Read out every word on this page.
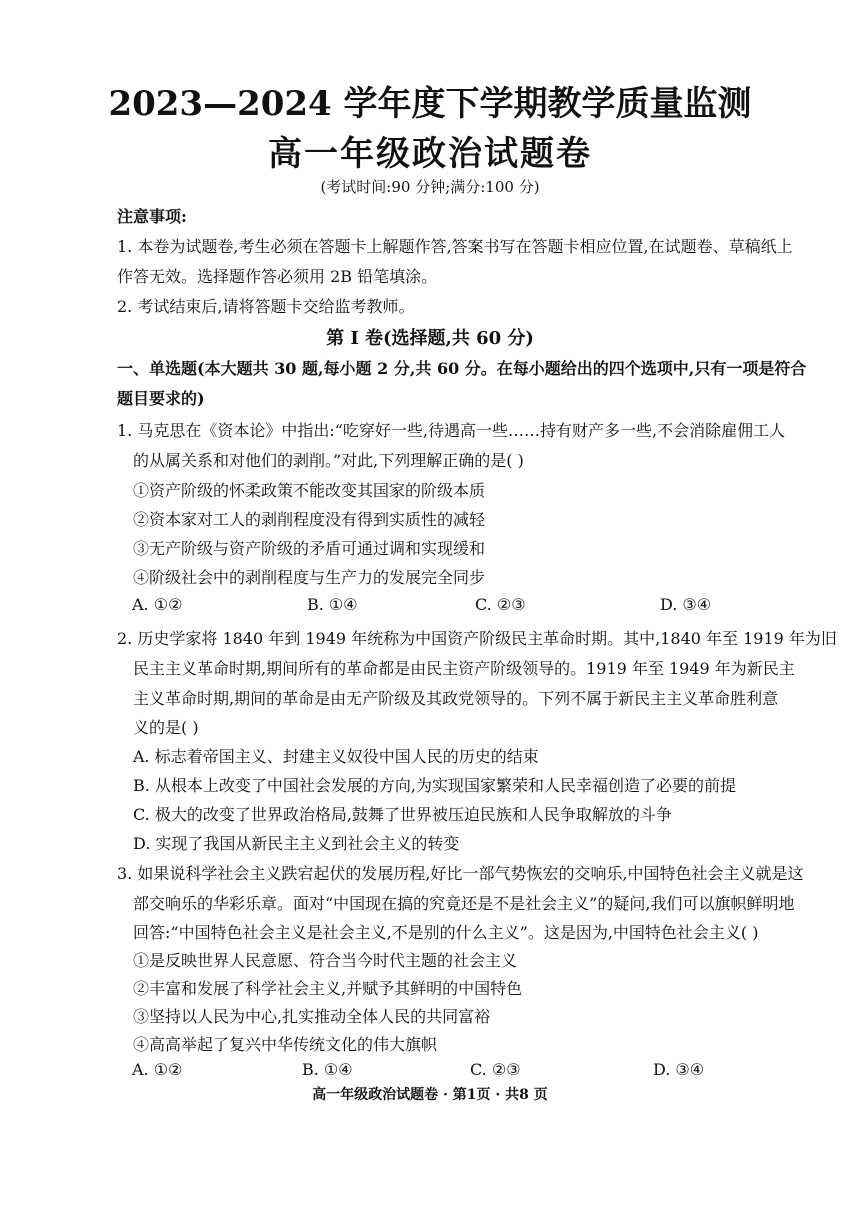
2023—2024 学年度下学期教学质量监测
高一年级政治试题卷
(考试时间:90 分钟;满分:100 分)
注意事项:
1. 本卷为试题卷,考生必须在答题卡上解题作答,答案书写在答题卡相应位置,在试题卷、草稿纸上
作答无效。选择题作答必须用 2B 铅笔填涂。
2. 考试结束后,请将答题卡交给监考教师。
第 I 卷(选择题,共 60 分)
一、单选题(本大题共 30 题,每小题 2 分,共 60 分。在每小题给出的四个选项中,只有一项是符合
题目要求的)
1. 马克思在《资本论》中指出:“吃穿好一些,待遇高一些……持有财产多一些,不会消除雇佣工人
的从属关系和对他们的剥削。”对此,下列理解正确的是( )
①资产阶级的怀柔政策不能改变其国家的阶级本质
②资本家对工人的剥削程度没有得到实质性的减轻
③无产阶级与资产阶级的矛盾可通过调和实现缓和
④阶级社会中的剥削程度与生产力的发展完全同步
A. ①②	B. ①④	C. ②③	D. ③④
2. 历史学家将 1840 年到 1949 年统称为中国资产阶级民主革命时期。其中,1840 年至 1919 年为旧
民主主义革命时期,期间所有的革命都是由民主资产阶级领导的。1919 年至 1949 年为新民主
主义革命时期,期间的革命是由无产阶级及其政党领导的。下列不属于新民主主义革命胜利意
义的是( )
A. 标志着帝国主义、封建主义奴役中国人民的历史的结束
B. 从根本上改变了中国社会发展的方向,为实现国家繁荣和人民幸福创造了必要的前提
C. 极大的改变了世界政治格局,鼓舞了世界被压迫民族和人民争取解放的斗争
D. 实现了我国从新民主主义到社会主义的转变
3. 如果说科学社会主义跌宕起伏的发展历程,好比一部气势恢宏的交响乐,中国特色社会主义就是这
部交响乐的华彩乐章。面对“中国现在搞的究竟还是不是社会主义”的疑问,我们可以旗帜鲜明地
回答:“中国特色社会主义是社会主义,不是别的什么主义”。这是因为,中国特色社会主义( )
①是反映世界人民意愿、符合当今时代主题的社会主义
②丰富和发展了科学社会主义,并赋予其鲜明的中国特色
③坚持以人民为中心,扎实推动全体人民的共同富裕
④高高举起了复兴中华传统文化的伟大旗帜
A. ①②	B. ①④	C. ②③	D. ③④
高一年级政治试题卷 · 第1页 · 共8 页
